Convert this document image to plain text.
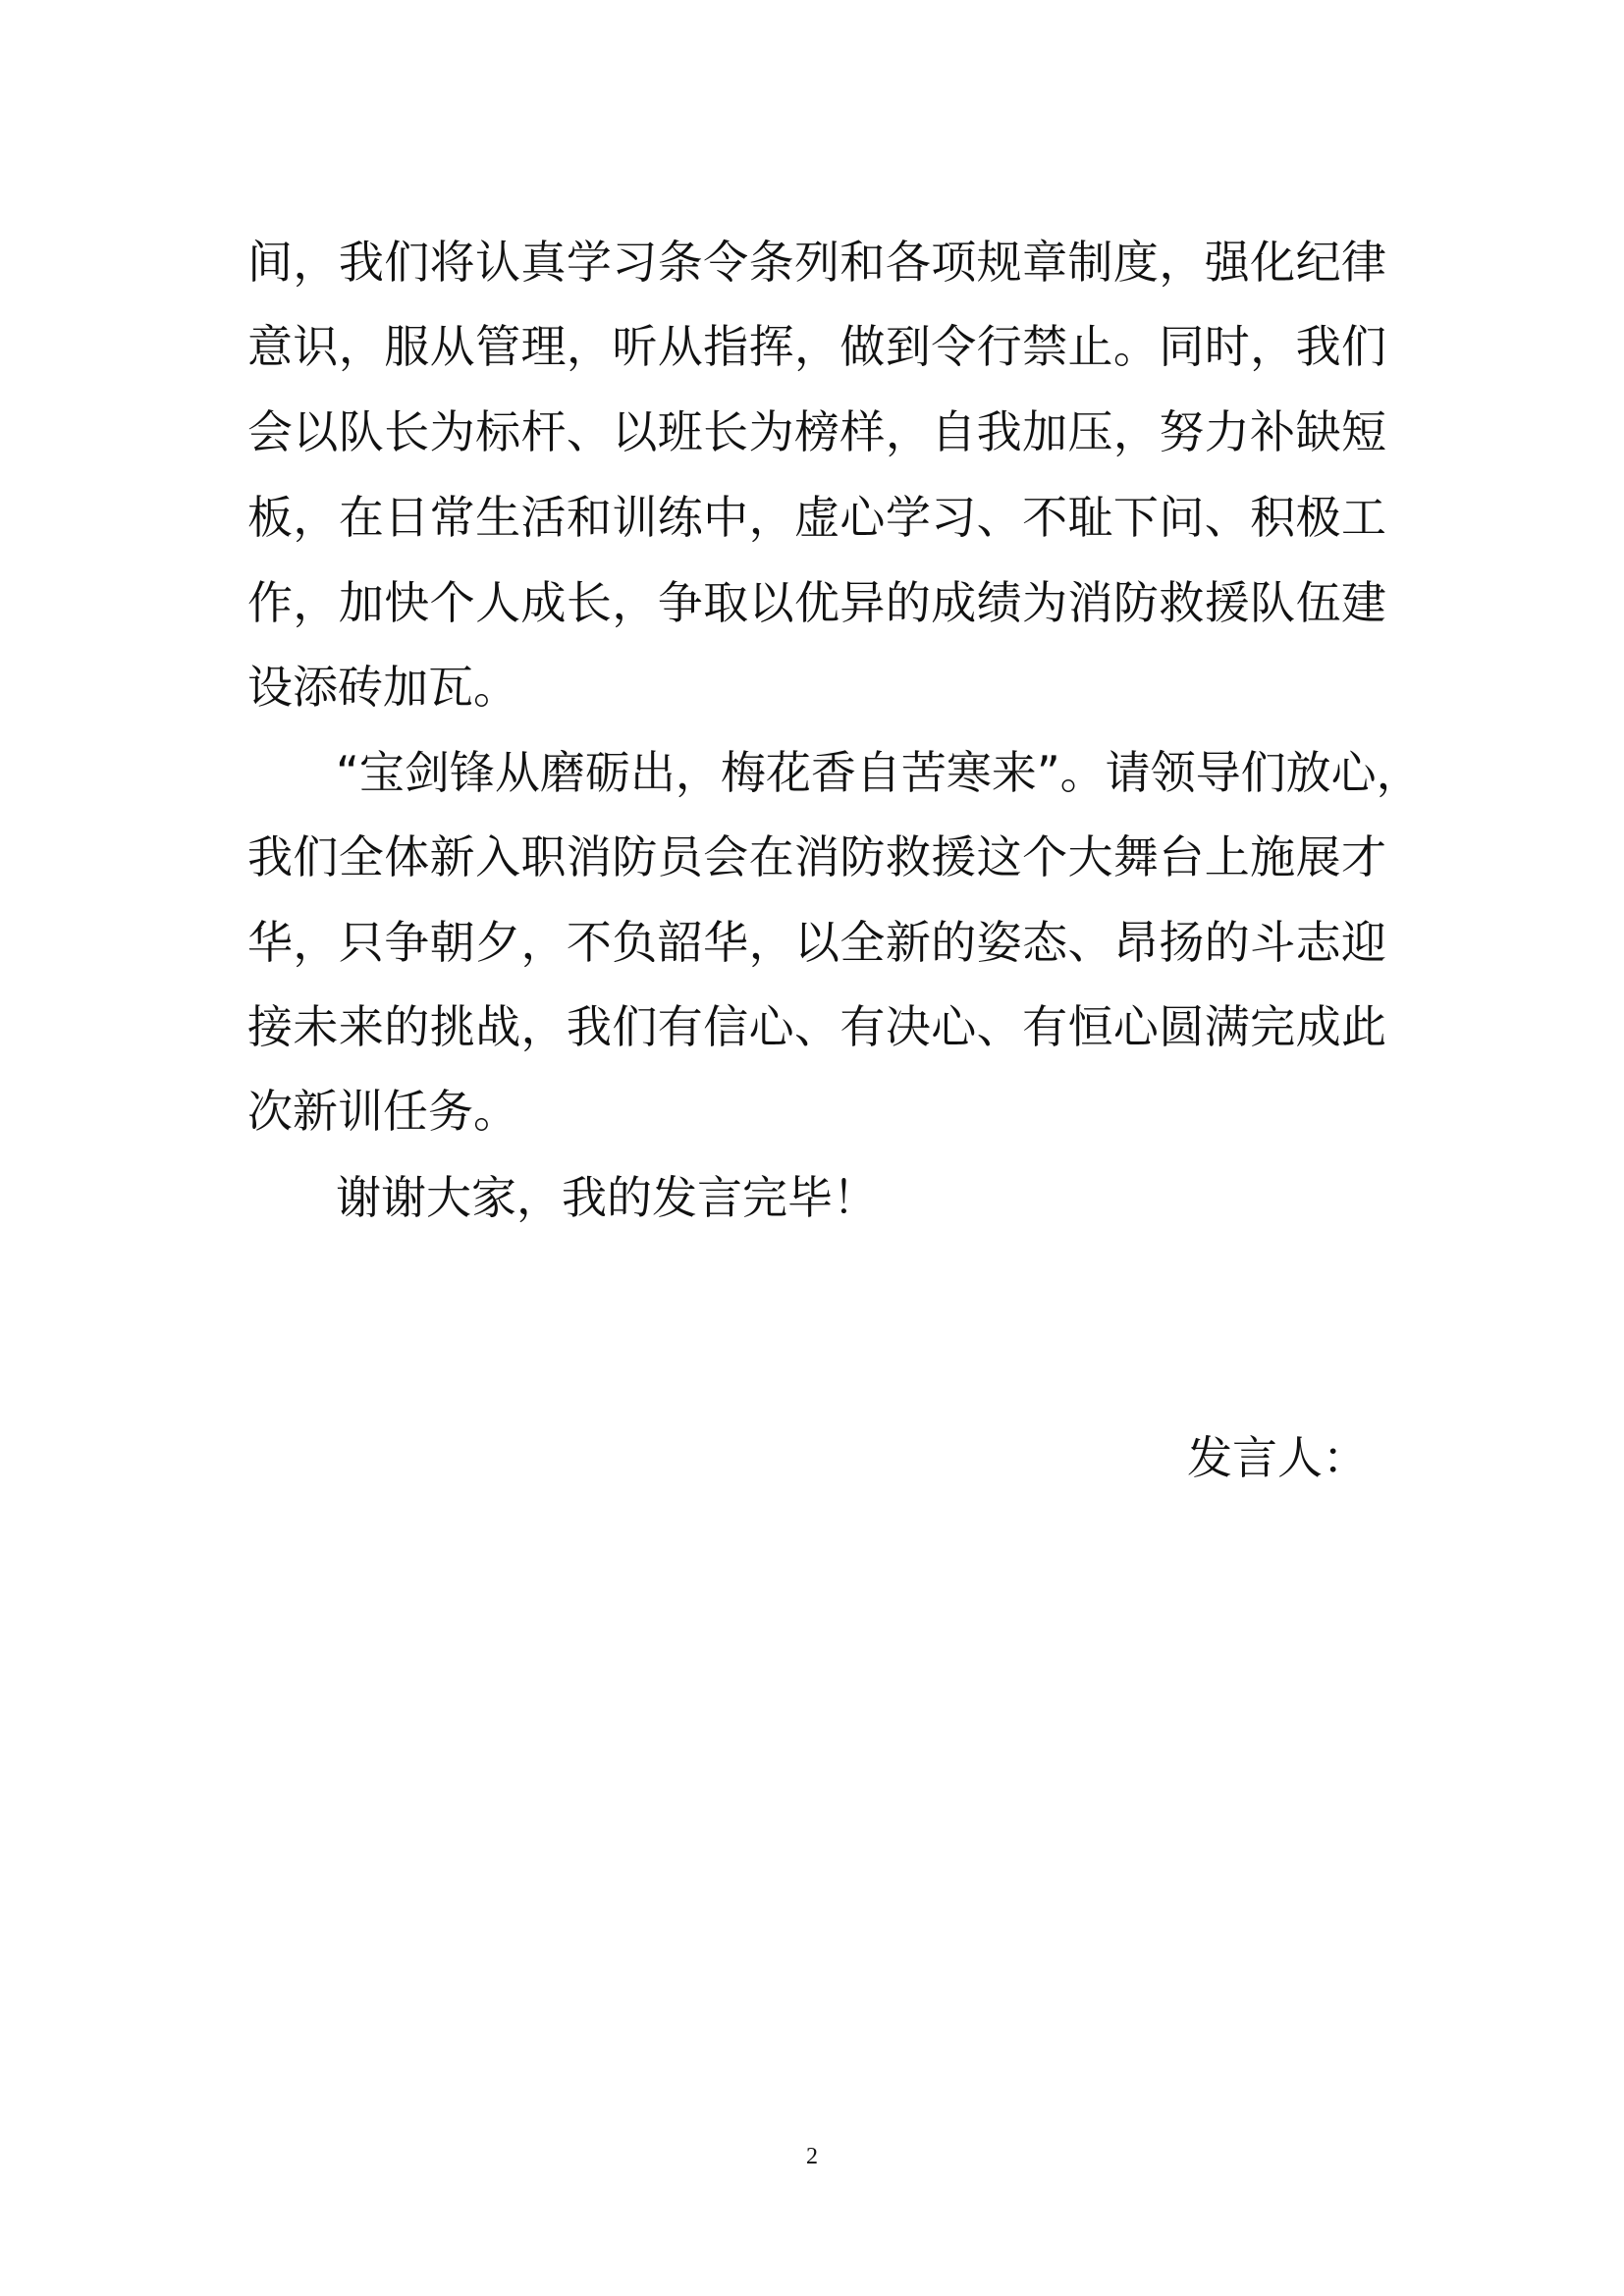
间，我们将认真学习条令条列和各项规章制度，强化纪律
意识，服从管理，听从指挥，做到令行禁止。同时，我们
会以队长为标杆、以班长为榜样，自我加压，努力补缺短
板，在日常生活和训练中，虚心学习、不耻下问、积极工
作，加快个人成长，争取以优异的成绩为消防救援队伍建
设添砖加瓦。
“宝剑锋从磨砺出，梅花香自苦寒来”。请领导们放心，
我们全体新入职消防员会在消防救援这个大舞台上施展才
华，只争朝夕，不负韶华，以全新的姿态、昂扬的斗志迎
接未来的挑战，我们有信心、有决心、有恒心圆满完成此
次新训任务。
谢谢大家，我的发言完毕！
发言人：
2
